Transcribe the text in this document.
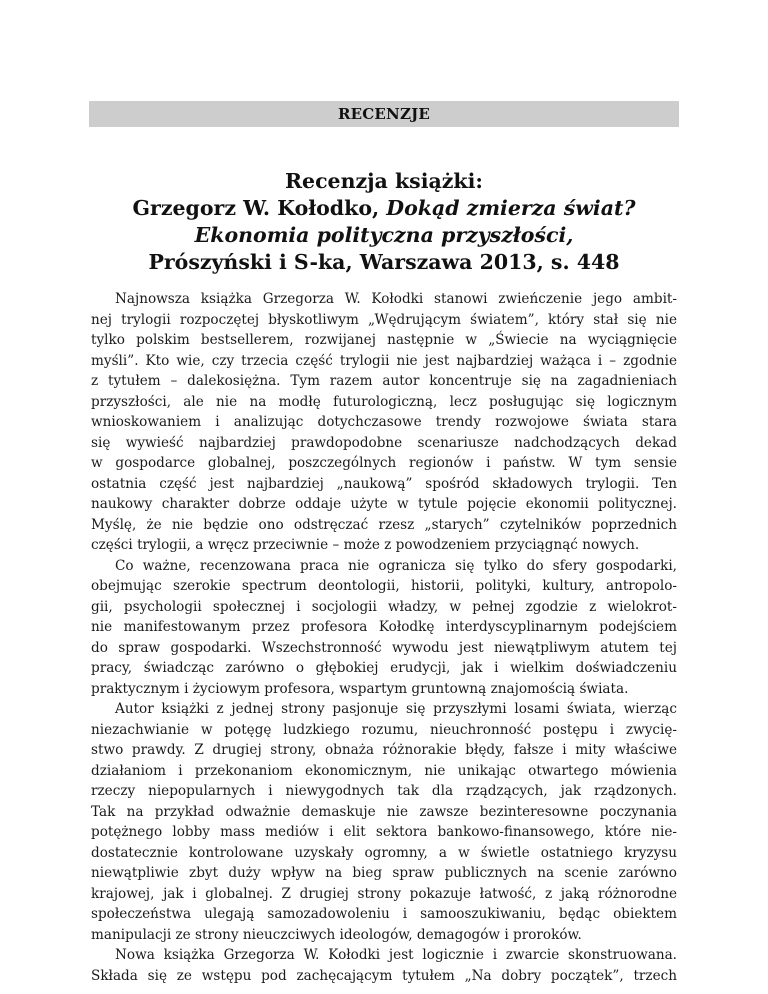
RECENZJE
Recenzja książki:
Grzegorz W. Kołodko, Dokąd zmierza świat?
Ekonomia polityczna przyszłości,
Prószyński i S-ka, Warszawa 2013, s. 448
Najnowsza książka Grzegorza W. Kołodki stanowi zwieńczenie jego ambit-
nej trylogii rozpoczętej błyskotliwym „Wędrującym światem”, który stał się nie
tylko polskim bestsellerem, rozwijanej następnie w „Świecie na wyciągnięcie
myśli”. Kto wie, czy trzecia część trylogii nie jest najbardziej ważąca i – zgodnie
z tytułem – dalekosiężna. Tym razem autor koncentruje się na zagadnieniach
przyszłości, ale nie na modłę futurologiczną, lecz posługując się logicznym
wnioskowaniem i analizując dotychczasowe trendy rozwojowe świata stara
się wywieść najbardziej prawdopodobne scenariusze nadchodzących dekad
w gospodarce globalnej, poszczególnych regionów i państw. W tym sensie
ostatnia część jest najbardziej „naukową” spośród składowych trylogii. Ten
naukowy charakter dobrze oddaje użyte w tytule pojęcie ekonomii politycznej.
Myślę, że nie będzie ono odstręczać rzesz „starych” czytelników poprzednich
części trylogii, a wręcz przeciwnie – może z powodzeniem przyciągnąć nowych.
Co ważne, recenzowana praca nie ogranicza się tylko do sfery gospodarki,
obejmując szerokie spectrum deontologii, historii, polityki, kultury, antropolo-
gii, psychologii społecznej i socjologii władzy, w pełnej zgodzie z wielokrot-
nie manifestowanym przez profesora Kołodkę interdyscyplinarnym podejściem
do spraw gospodarki. Wszechstronność wywodu jest niewątpliwym atutem tej
pracy, świadcząc zarówno o głębokiej erudycji, jak i wielkim doświadczeniu
praktycznym i życiowym profesora, wspartym gruntowną znajomością świata.
Autor książki z jednej strony pasjonuje się przyszłymi losami świata, wierząc
niezachwianie w potęgę ludzkiego rozumu, nieuchronność postępu i zwycię-
stwo prawdy. Z drugiej strony, obnaża różnorakie błędy, fałsze i mity właściwe
działaniom i przekonaniom ekonomicznym, nie unikając otwartego mówienia
rzeczy niepopularnych i niewygodnych tak dla rządzących, jak rządzonych.
Tak na przykład odważnie demaskuje nie zawsze bezinteresowne poczynania
potężnego lobby mass mediów i elit sektora bankowo-finansowego, które nie-
dostatecznie kontrolowane uzyskały ogromny, a w świetle ostatniego kryzysu
niewątpliwie zbyt duży wpływ na bieg spraw publicznych na scenie zarówno
krajowej, jak i globalnej. Z drugiej strony pokazuje łatwość, z jaką różnorodne
społeczeństwa ulegają samozadowoleniu i samooszukiwaniu, będąc obiektem
manipulacji ze strony nieuczciwych ideologów, demagogów i proroków.
Nowa książka Grzegorza W. Kołodki jest logicznie i zwarcie skonstruowana.
Składa się ze wstępu pod zachęcającym tytułem „Na dobry początek”, trzech
